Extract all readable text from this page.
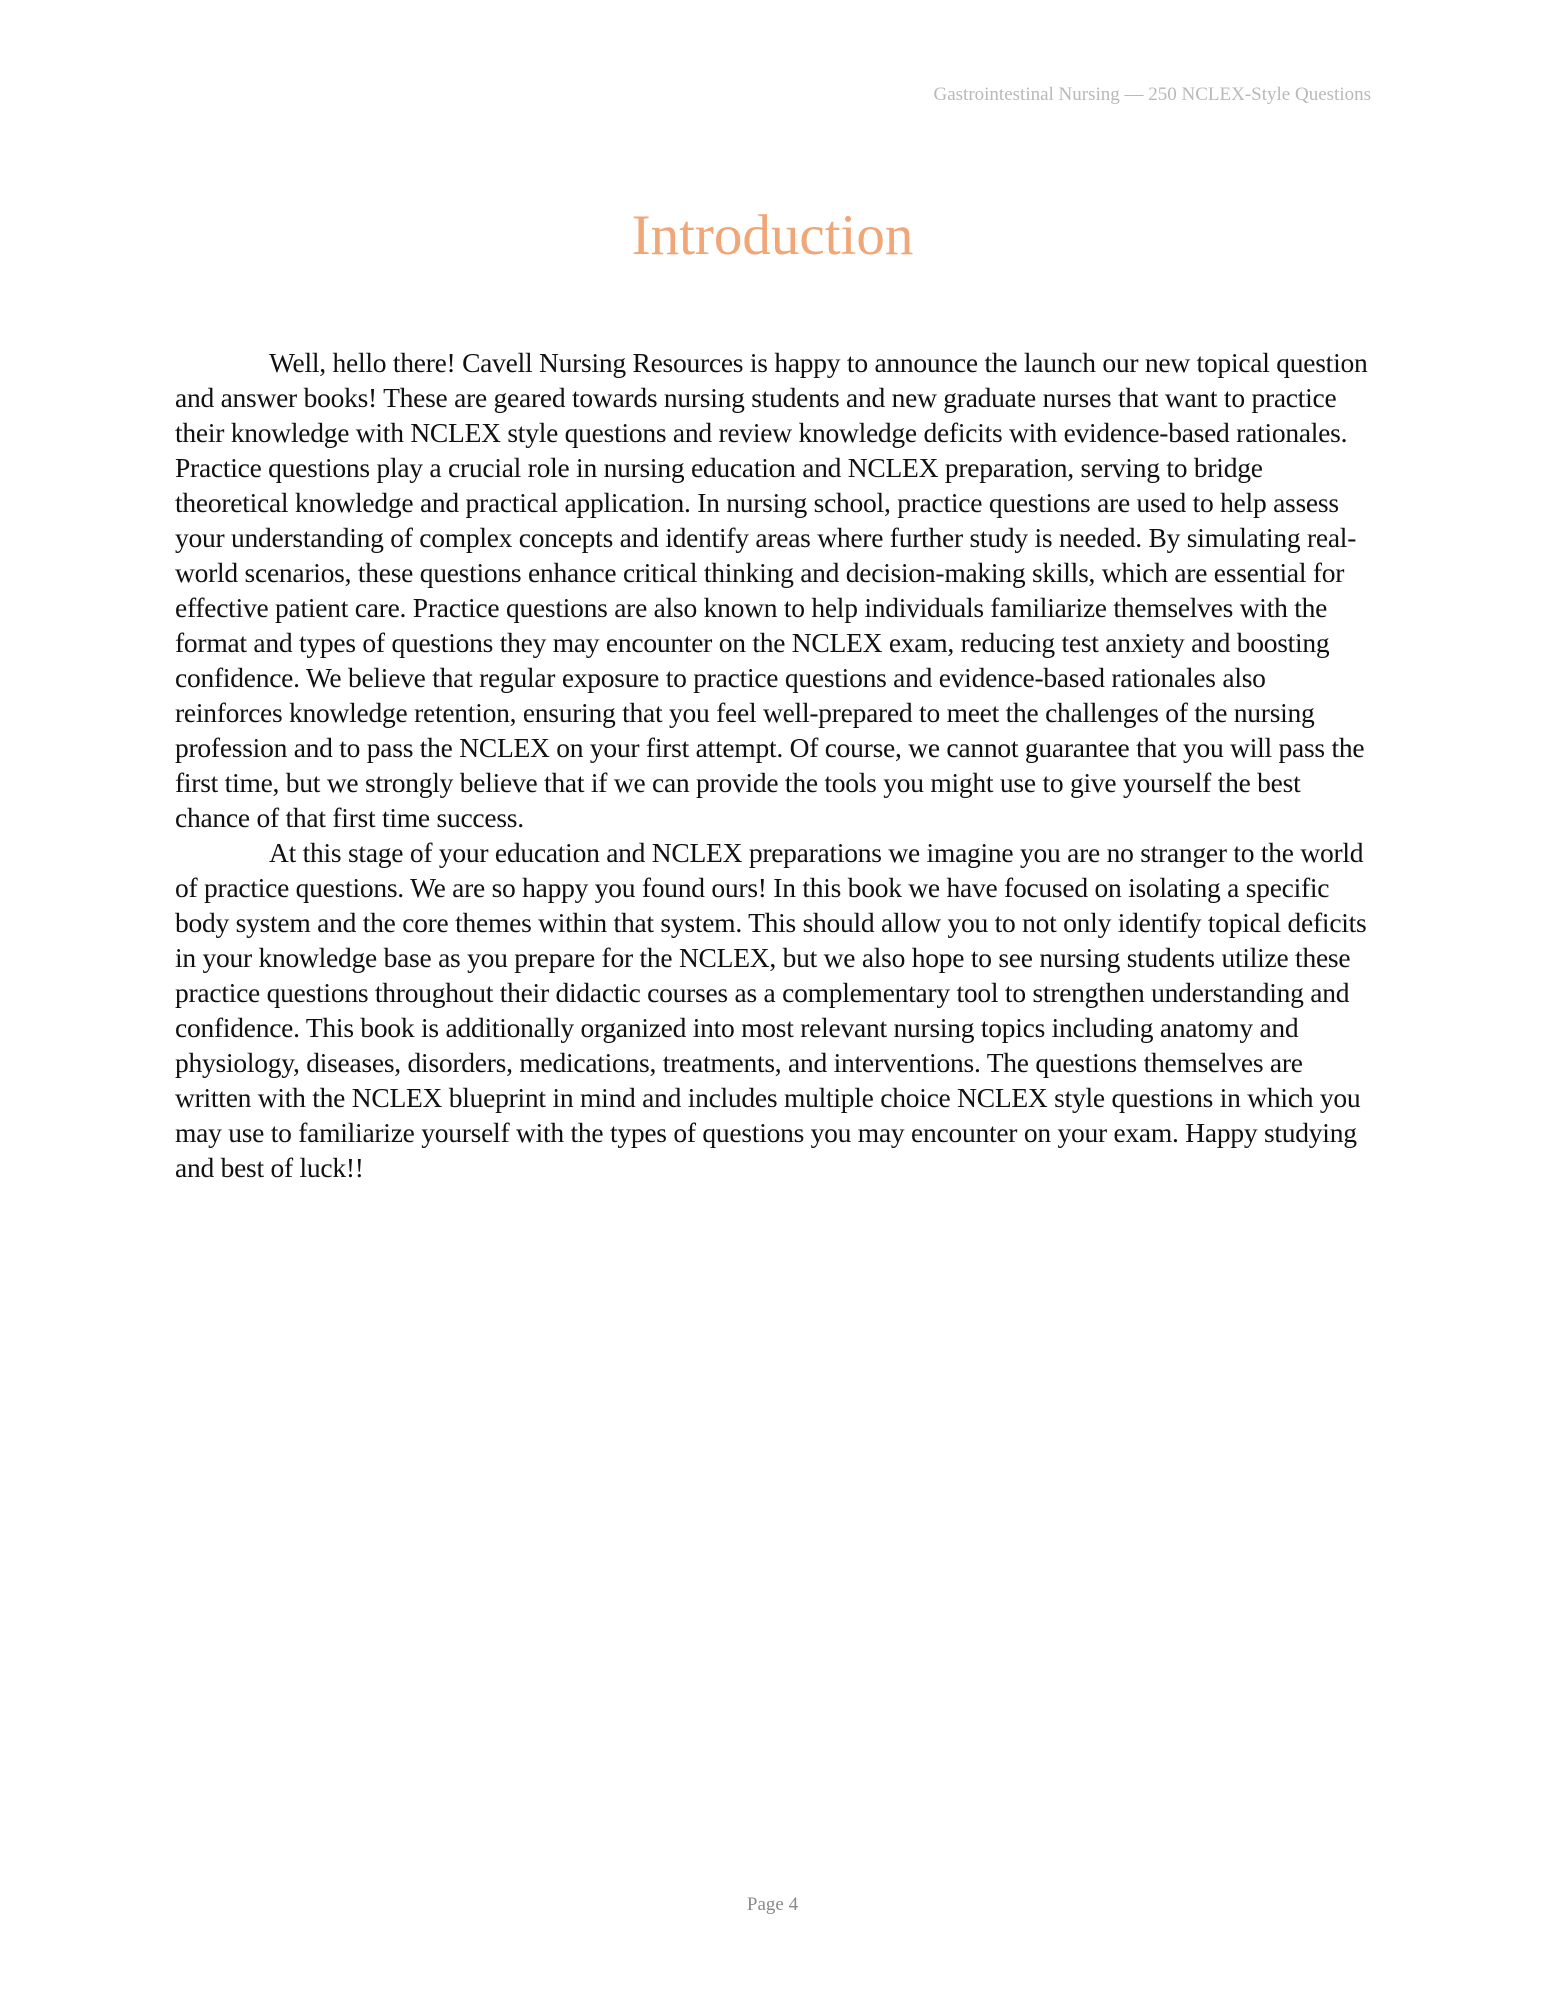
Gastrointestinal Nursing — 250 NCLEX-Style Questions
Introduction

Well, hello there! Cavell Nursing Resources is happy to announce the launch our new topical question and answer books! These are geared towards nursing students and new graduate nurses that want to practice their knowledge with NCLEX style questions and review knowledge deficits with evidence-based rationales. Practice questions play a crucial role in nursing education and NCLEX preparation, serving to bridge theoretical knowledge and practical application. In nursing school, practice questions are used to help assess your understanding of complex concepts and identify areas where further study is needed. By simulating real-world scenarios, these questions enhance critical thinking and decision-making skills, which are essential for effective patient care. Practice questions are also known to help individuals familiarize themselves with the format and types of questions they may encounter on the NCLEX exam, reducing test anxiety and boosting confidence. We believe that regular exposure to practice questions and evidence-based rationales also reinforces knowledge retention, ensuring that you feel well-prepared to meet the challenges of the nursing profession and to pass the NCLEX on your first attempt. Of course, we cannot guarantee that you will pass the first time, but we strongly believe that if we can provide the tools you might use to give yourself the best chance of that first time success.

At this stage of your education and NCLEX preparations we imagine you are no stranger to the world of practice questions. We are so happy you found ours! In this book we have focused on isolating a specific body system and the core themes within that system. This should allow you to not only identify topical deficits in your knowledge base as you prepare for the NCLEX, but we also hope to see nursing students utilize these practice questions throughout their didactic courses as a complementary tool to strengthen understanding and confidence. This book is additionally organized into most relevant nursing topics including anatomy and physiology, diseases, disorders, medications, treatments, and interventions. The questions themselves are written with the NCLEX blueprint in mind and includes multiple choice NCLEX style questions in which you may use to familiarize yourself with the types of questions you may encounter on your exam. Happy studying and best of luck!!

Page 4
